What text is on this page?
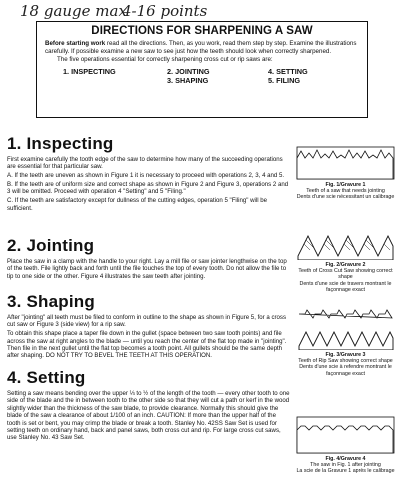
18 gauge max
4-16 points
DIRECTIONS FOR SHARPENING A SAW

Before starting work read all the directions. Then, as you work, read them step by step. Examine the illustrations carefully. If possible examine a new saw to see just how the teeth should look when correctly sharpened.

The five operations essential for correctly sharpening cross cut or rip saws are:

1. INSPECTING	2. JOINTING
3. SHAPING
4. SETTING
5. FILING
1. Inspecting

First examine carefully the tooth edge of the saw to determine how many of the succeeding operations are essential for that particular saw.

A. If the teeth are uneven as shown in Figure 1 it is necessary to proceed with operations 2, 3, 4 and 5.

B. If the teeth are of uniform size and correct shape as shown in Figure 2 and Figure 3, operations 2 and 3 will be omitted. Proceed with operation 4 "Setting" and 5 "Filing."

C. If the teeth are satisfactory except for dullness of the cutting edges, operation 5 "Filing" will be sufficient.

2. Jointing

Place the saw in a clamp with the handle to your right. Lay a mill file or saw jointer lengthwise on the top of the teeth. File lightly back and forth until the file touches the top of every tooth. Do not allow the file to tip to one side or the other. Figure 4 illustrates the saw teeth after jointing.

3. Shaping

After "jointing" all teeth must be filed to conform in outline to the shape as shown in Figure 5, for a cross cut saw or Figure 3 (side view) for a rip saw.

To obtain this shape place a taper file down in the gullet (space between two saw tooth points) and file across the saw at right angles to the blade — until you reach the center of the flat top made in "jointing". Then file in the next gullet until the flat top becomes a tooth point. All gullets should be the same depth after shaping. DO NOT TRY TO BEVEL THE TEETH AT THIS OPERATION.

4. Setting

Setting a saw means bending over the upper ⅓ to ½ of the length of the tooth — every other tooth to one side of the blade and the in between tooth to the other side so that they will cut a path or kerf in the wood slightly wider than the thickness of the saw blade, to provide clearance. Normally this should give the blade of the saw a clearance of about 1/100 of an inch. CAUTION: If more than the upper half of the tooth is set or bent, you may crimp the blade or break a tooth. Stanley No. 42SS Saw Set is used for setting teeth on ordinary hand, back and panel saws, both cross cut and rip. For large cross cut saws, use Stanley No. 43 Saw Set.

Fig. 1/Gravure 1
Teeth of a saw that needs jointing
Dents d'une scie nécessitant un calibrage
Fig. 2/Gravure 2
Teeth of Cross Cut Saw showing correct shape
Dents d'une scie de travers montrant le façonnage exact
Fig. 3/Gravure 3
Teeth of Rip Saw showing correct shape
Dents d'une scie à refendre montrant le façonnage exact
Fig. 4/Gravure 4
The saw in Fig. 1 after jointing
La scie de la Gravure 1 après le calibrage
